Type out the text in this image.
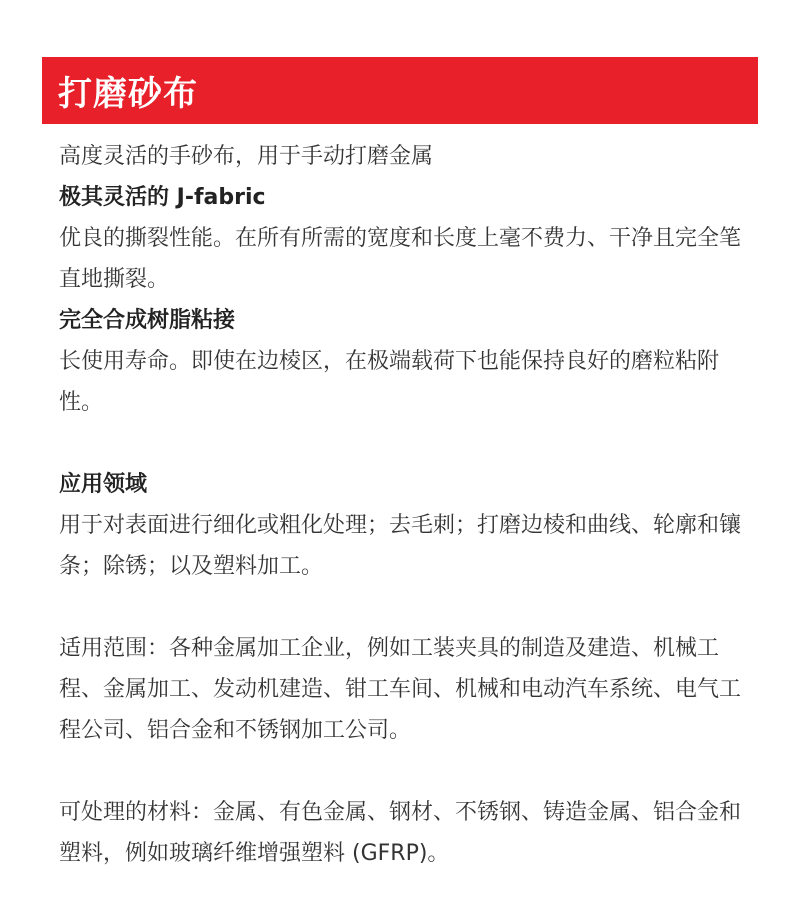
打磨砂布

高度灵活的手砂布，用于手动打磨金属

极其灵活的 J-fabric

优良的撕裂性能。在所有所需的宽度和长度上毫不费力、干净且完全笔直地撕裂。

完全合成树脂粘接

长使用寿命。即使在边棱区，在极端载荷下也能保持良好的磨粒粘附性。

应用领域

用于对表面进行细化或粗化处理；去毛刺；打磨边棱和曲线、轮廓和镶条；除锈；以及塑料加工。

适用范围：各种金属加工企业，例如工装夹具的制造及建造、机械工程、金属加工、发动机建造、钳工车间、机械和电动汽车系统、电气工程公司、铝合金和不锈钢加工公司。

可处理的材料：金属、有色金属、钢材、不锈钢、铸造金属、铝合金和塑料，例如玻璃纤维增强塑料 (GFRP)。
